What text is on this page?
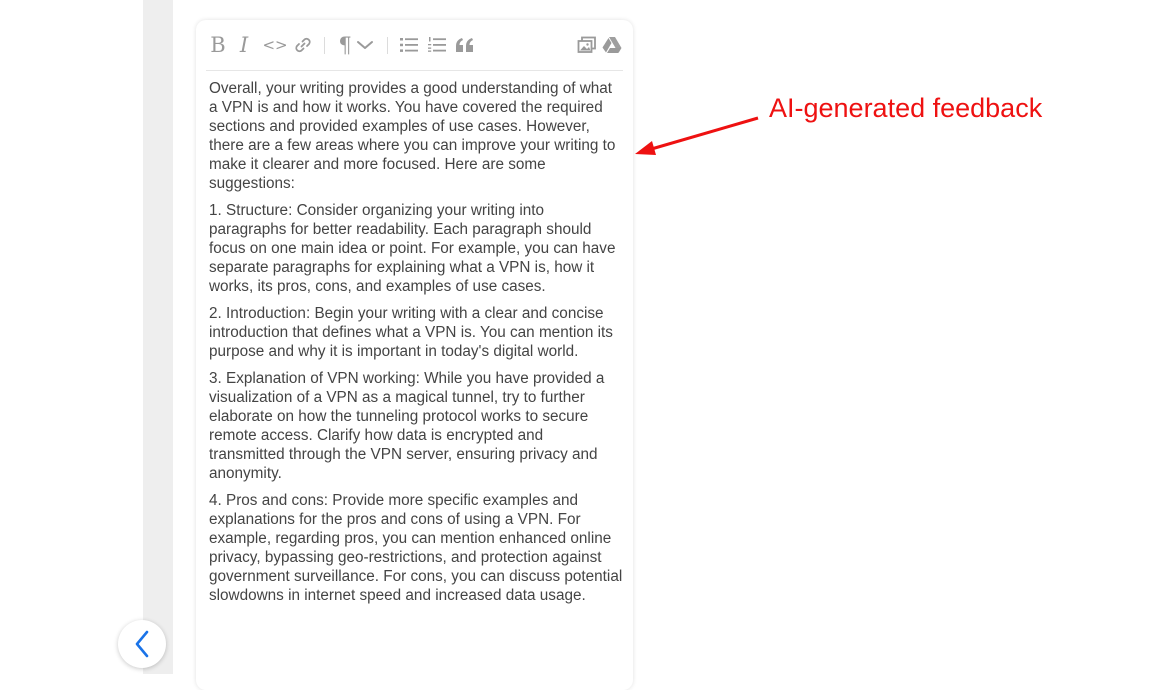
B I <> ¶

Overall, your writing provides a good understanding of what a VPN is and how it works. You have covered the required sections and provided examples of use cases. However, there are a few areas where you can improve your writing to make it clearer and more focused. Here are some suggestions:

1. Structure: Consider organizing your writing into paragraphs for better readability. Each paragraph should focus on one main idea or point. For example, you can have separate paragraphs for explaining what a VPN is, how it works, its pros, cons, and examples of use cases.

2. Introduction: Begin your writing with a clear and concise introduction that defines what a VPN is. You can mention its purpose and why it is important in today's digital world.

3. Explanation of VPN working: While you have provided a visualization of a VPN as a magical tunnel, try to further elaborate on how the tunneling protocol works to secure remote access. Clarify how data is encrypted and transmitted through the VPN server, ensuring privacy and anonymity.

4. Pros and cons: Provide more specific examples and explanations for the pros and cons of using a VPN. For example, regarding pros, you can mention enhanced online privacy, bypassing geo-restrictions, and protection against government surveillance. For cons, you can discuss potential slowdowns in internet speed and increased data usage.

AI-generated feedback
